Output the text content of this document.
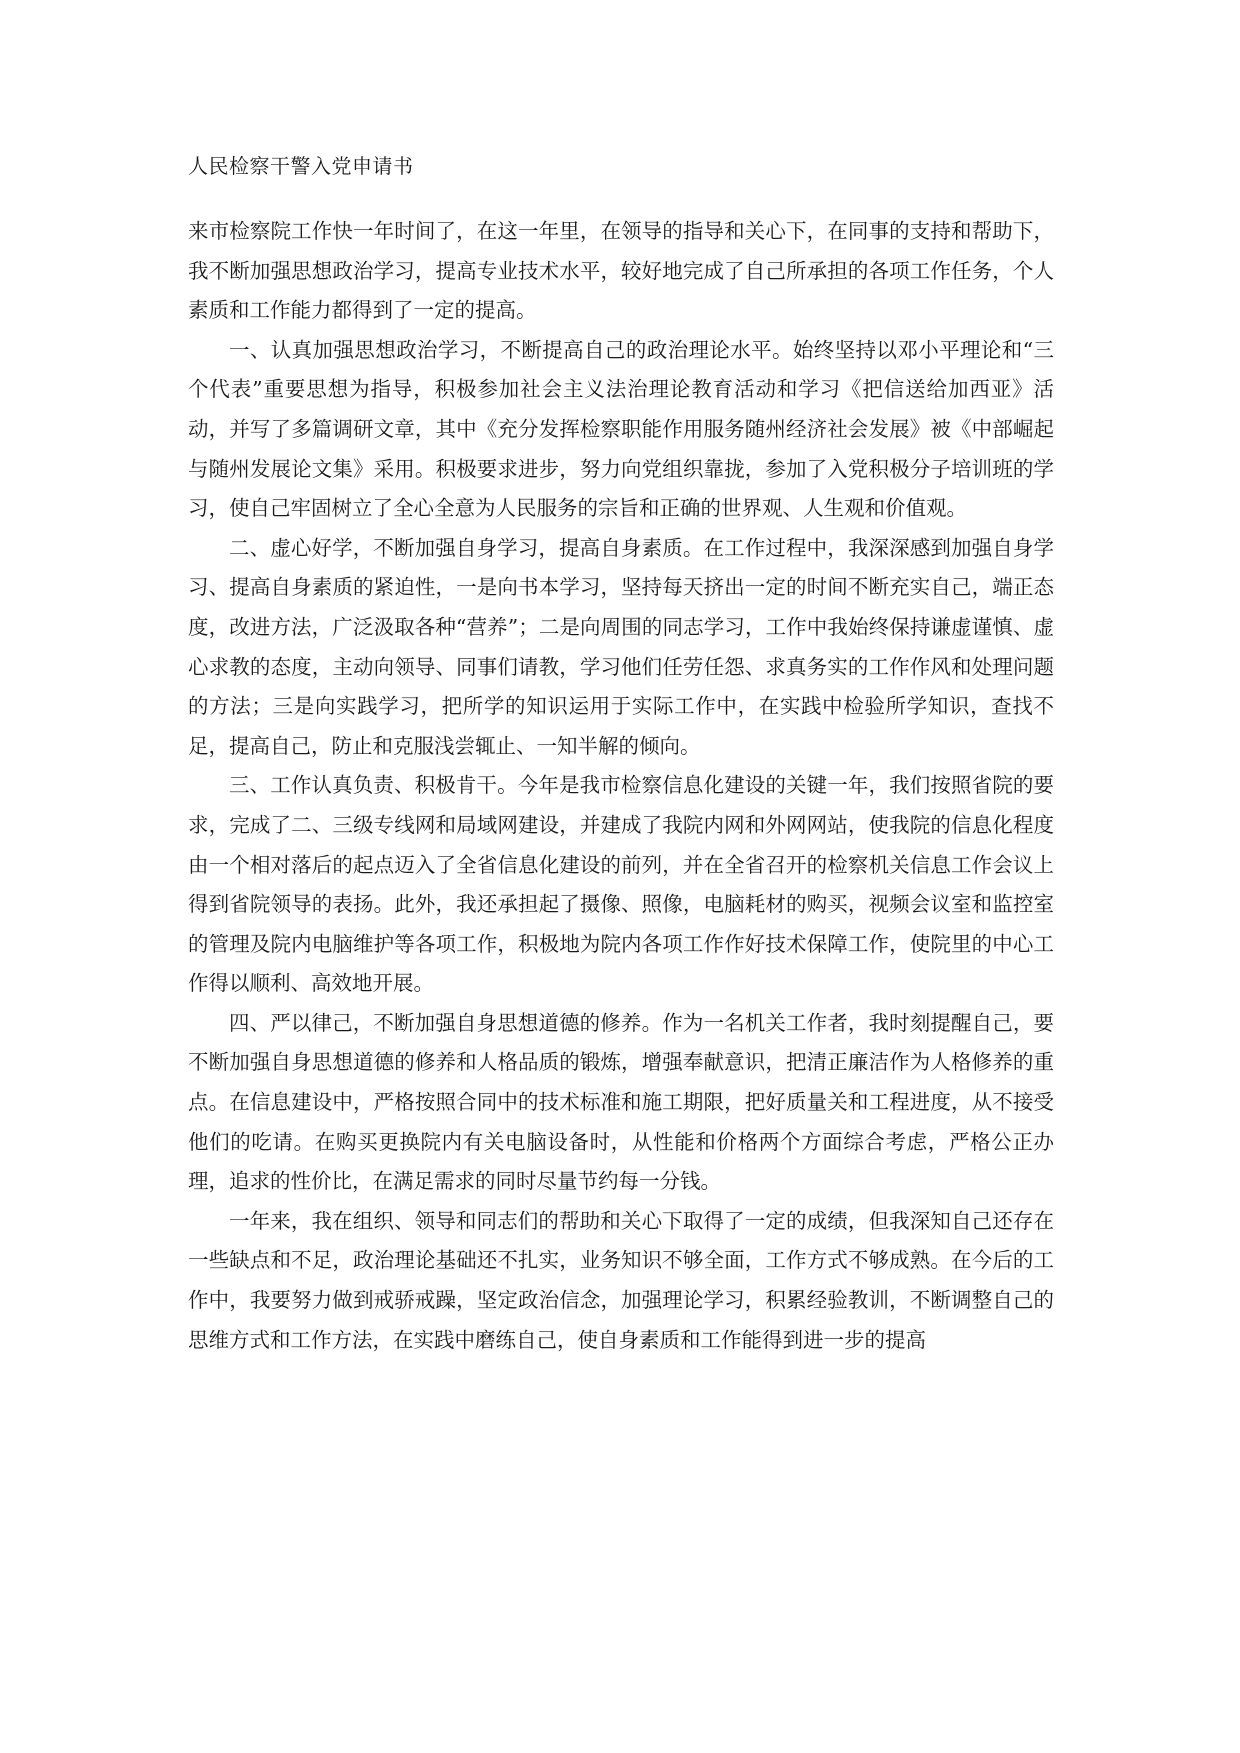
人民检察干警入党申请书

来市检察院工作快一年时间了，在这一年里，在领导的指导和关心下，在同事的支持和帮助下，我不断加强思想政治学习，提高专业技术水平，较好地完成了自己所承担的各项工作任务，个人素质和工作能力都得到了一定的提高。

一、认真加强思想政治学习，不断提高自己的政治理论水平。始终坚持以邓小平理论和“三个代表”重要思想为指导，积极参加社会主义法治理论教育活动和学习《把信送给加西亚》活动，并写了多篇调研文章，其中《充分发挥检察职能作用服务随州经济社会发展》被《中部崛起与随州发展论文集》采用。积极要求进步，努力向党组织靠拢，参加了入党积极分子培训班的学习，使自己牢固树立了全心全意为人民服务的宗旨和正确的世界观、人生观和价值观。

二、虚心好学，不断加强自身学习，提高自身素质。在工作过程中，我深深感到加强自身学习、提高自身素质的紧迫性，一是向书本学习，坚持每天挤出一定的时间不断充实自己，端正态度，改进方法，广泛汲取各种“营养”；二是向周围的同志学习，工作中我始终保持谦虚谨慎、虚心求教的态度，主动向领导、同事们请教，学习他们任劳任怨、求真务实的工作作风和处理问题的方法；三是向实践学习，把所学的知识运用于实际工作中，在实践中检验所学知识，查找不足，提高自己，防止和克服浅尝辄止、一知半解的倾向。

三、工作认真负责、积极肯干。今年是我市检察信息化建设的关键一年，我们按照省院的要求，完成了二、三级专线网和局域网建设，并建成了我院内网和外网网站，使我院的信息化程度由一个相对落后的起点迈入了全省信息化建设的前列，并在全省召开的检察机关信息工作会议上得到省院领导的表扬。此外，我还承担起了摄像、照像，电脑耗材的购买，视频会议室和监控室的管理及院内电脑维护等各项工作，积极地为院内各项工作作好技术保障工作，使院里的中心工作得以顺利、高效地开展。

四、严以律己，不断加强自身思想道德的修养。作为一名机关工作者，我时刻提醒自己，要不断加强自身思想道德的修养和人格品质的锻炼，增强奉献意识，把清正廉洁作为人格修养的重点。在信息建设中，严格按照合同中的技术标准和施工期限，把好质量关和工程进度，从不接受他们的吃请。在购买更换院内有关电脑设备时，从性能和价格两个方面综合考虑，严格公正办理，追求的性价比，在满足需求的同时尽量节约每一分钱。

一年来，我在组织、领导和同志们的帮助和关心下取得了一定的成绩，但我深知自己还存在一些缺点和不足，政治理论基础还不扎实，业务知识不够全面，工作方式不够成熟。在今后的工作中，我要努力做到戒骄戒躁，坚定政治信念，加强理论学习，积累经验教训，不断调整自己的思维方式和工作方法，在实践中磨练自己，使自身素质和工作能得到进一步的提高
